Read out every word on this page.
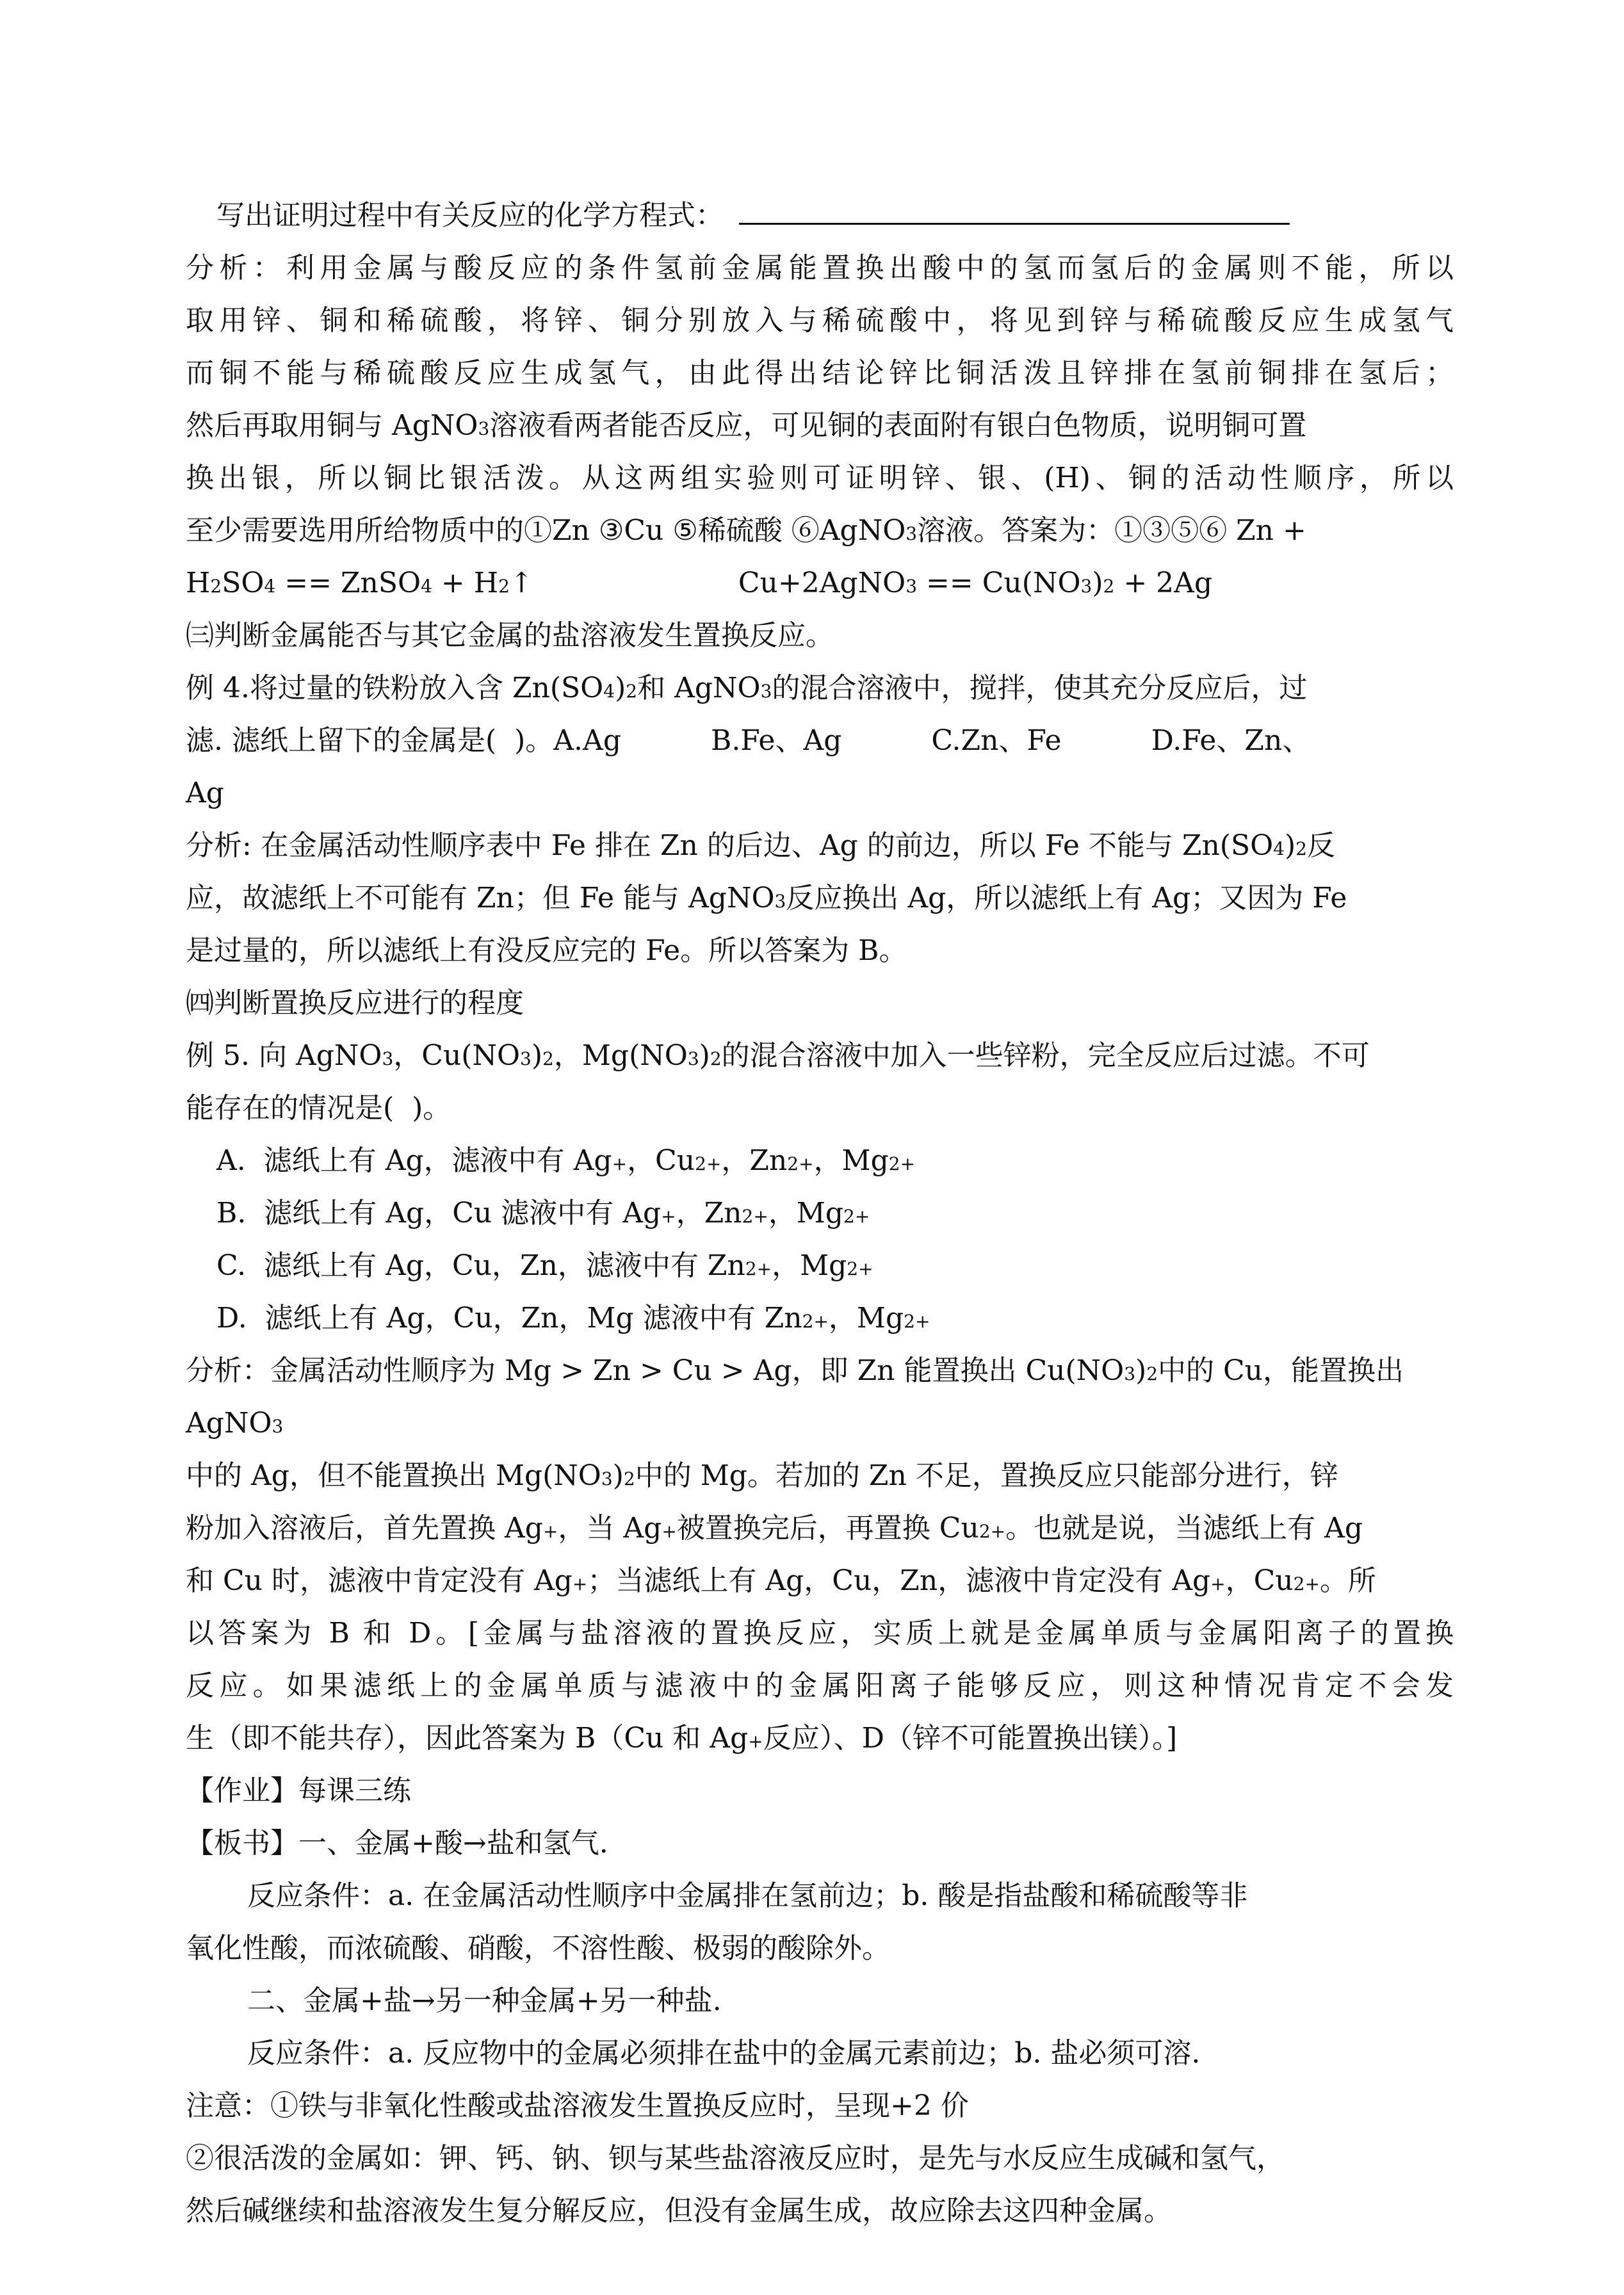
写出证明过程中有关反应的化学方程式：
分析：利用金属与酸反应的条件氢前金属能置换出酸中的氢而氢后的金属则不能，所以
取用锌、铜和稀硫酸，将锌、铜分别放入与稀硫酸中，将见到锌与稀硫酸反应生成氢气
而铜不能与稀硫酸反应生成氢气，由此得出结论锌比铜活泼且锌排在氢前铜排在氢后；
然后再取用铜与 AgNO 3 溶液看两者能否反应，可见铜的表面附有银白色物质，说明铜可置
换出银，所以铜比银活泼。从这两组实验则可证明锌、银、(H)、铜的活动性顺序，所以
至少需要选用所给物质中的①Zn ③Cu ⑤稀硫酸 ⑥AgNO 3 溶液。答案为：①③⑤⑥ Zn +
H 2 SO 4 == ZnSO 4 + H 2 ↑	Cu+2AgNO 3 == Cu(NO 3 ) 2 + 2Ag
㈢判断金属能否与其它金属的盐溶液发生置换反应。
例 4.将过量的铁粉放入含 Zn(SO 4 ) 2 和 AgNO 3 的混合溶液中，搅拌，使其充分反应后，过
滤. 滤纸上留下的金属是(  )。A.Ag	B.Fe、Ag	C.Zn、Fe	D.Fe、Zn、
Ag
分析: 在金属活动性顺序表中 Fe 排在 Zn 的后边、Ag 的前边，所以 Fe 不能与 Zn(SO 4 ) 2 反
应，故滤纸上不可能有 Zn；但 Fe 能与 AgNO 3 反应换出 Ag，所以滤纸上有 Ag；又因为 Fe
是过量的，所以滤纸上有没反应完的 Fe。所以答案为 B。
㈣判断置换反应进行的程度
例 5. 向 AgNO 3 ，Cu(NO 3 ) 2 ，Mg(NO 3 ) 2 的混合溶液中加入一些锌粉，完全反应后过滤。不可
能存在的情况是(  )。
A.  滤纸上有 Ag，滤液中有 Ag + ，Cu 2+ ，Zn 2+ ，Mg 2+
B.  滤纸上有 Ag，Cu 滤液中有 Ag + ，Zn 2+ ，Mg 2+
C.  滤纸上有 Ag，Cu，Zn，滤液中有 Zn 2+ ，Mg 2+
D.  滤纸上有 Ag，Cu，Zn，Mg 滤液中有 Zn 2+ ，Mg 2+
分析：金属活动性顺序为 Mg > Zn > Cu > Ag，即 Zn 能置换出 Cu(NO 3 ) 2 中的 Cu，能置换出
AgNO 3
中的 Ag，但不能置换出 Mg(NO 3 ) 2 中的 Mg。若加的 Zn 不足，置换反应只能部分进行，锌
粉加入溶液后，首先置换 Ag + ，当 Ag + 被置换完后，再置换 Cu 2+ 。也就是说，当滤纸上有 Ag
和 Cu 时，滤液中肯定没有 Ag + ；当滤纸上有 Ag，Cu，Zn，滤液中肯定没有 Ag + ，Cu 2+ 。所
以答案为 B 和 D。[金属与盐溶液的置换反应，实质上就是金属单质与金属阳离子的置换
反应。如果滤纸上的金属单质与滤液中的金属阳离子能够反应，则这种情况肯定不会发
生（即不能共存），因此答案为 B（Cu 和 Ag + 反应）、D（锌不可能置换出镁）。]
【作业】每课三练
【板书】一、金属+酸→盐和氢气.
反应条件：a. 在金属活动性顺序中金属排在氢前边；b. 酸是指盐酸和稀硫酸等非
氧化性酸，而浓硫酸、硝酸，不溶性酸、极弱的酸除外。
二、金属+盐→另一种金属+另一种盐.
反应条件：a. 反应物中的金属必须排在盐中的金属元素前边；b. 盐必须可溶.
注意：①铁与非氧化性酸或盐溶液发生置换反应时，呈现+2 价
②很活泼的金属如：钾、钙、钠、钡与某些盐溶液反应时，是先与水反应生成碱和氢气，
然后碱继续和盐溶液发生复分解反应，但没有金属生成，故应除去这四种金属。
